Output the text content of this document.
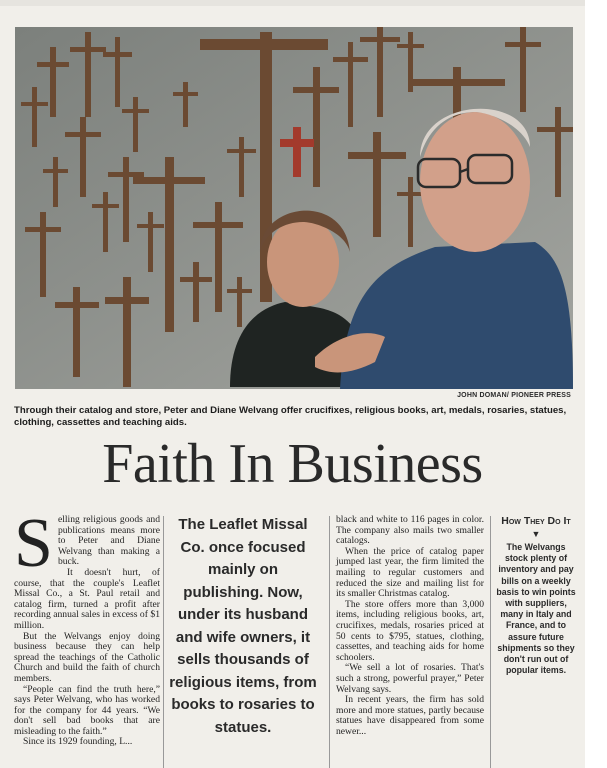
JOHN DOMAN/ PIONEER PRESS
Through their catalog and store, Peter and Diane Welvang offer crucifixes, religious books, art, medals, rosaries, statues, clothing, cassettes and teaching aids.
Faith In Business
S elling religious goods and publications means more to Peter and Diane Welvang than making a buck.

It doesn't hurt, of course, that the couple's Leaflet Missal Co., a St. Paul retail and catalog firm, turned a profit after recording annual sales in excess of $1 million.

But the Welvangs enjoy doing business because they can help spread the teachings of the Catholic Church and build the faith of church members.

“People can find the truth here,” says Peter Welvang, who has worked for the company for 44 years. “We don't sell bad books that are misleading to the faith.”

Since its 1929 founding, L...

The Leaflet Missal Co. once focused mainly on publishing. Now, under its husband and wife owners, it sells thousands of religious items, from books to rosaries to statues.

black and white to 116 pages in color. The company also mails two smaller catalogs.

When the price of catalog paper jumped last year, the firm limited the mailing to regular customers and reduced the size and mailing list for its smaller Christmas catalog.

The store offers more than 3,000 items, including religious books, art, crucifixes, medals, rosaries priced at 50 cents to $795, statues, clothing, cassettes, and teaching aids for home schoolers.

“We sell a lot of rosaries. That's such a strong, powerful prayer,” Peter Welvang says.

In recent years, the firm has sold more and more statues, partly because statues have disappeared from some newer...

How They Do It
▼
The Welvangs stock plenty of inventory and pay bills on a weekly basis to win points with suppliers, many in Italy and France, and to assure future shipments so they don't run out of popular items.
